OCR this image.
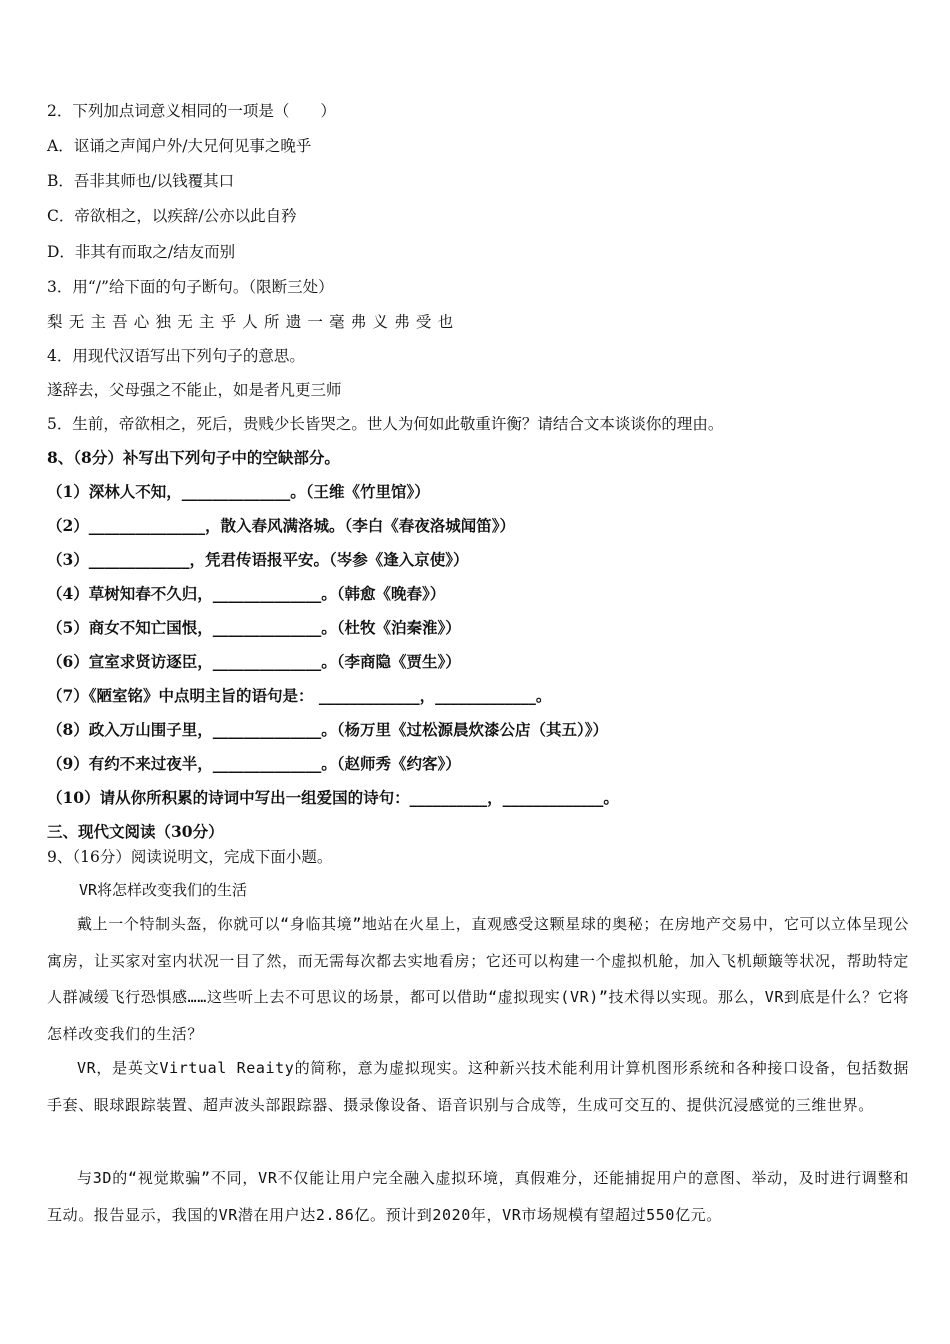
2．下列加点词意义相同的一项是（　　）
A．讴诵之声闻户外/大兄何见事之晚乎
B．吾非其师也/以钱覆其口
C．帝欲相之，以疾辞/公亦以此自矜
D．非其有而取之/结友而别
3．用“/”给下面的句子断句。（限断三处）
梨无主吾心独无主乎人所遗一毫弗义弗受也
4．用现代汉语写出下列句子的意思。
遂辞去，父母强之不能止，如是者凡更三师
5．生前，帝欲相之，死后，贵贱少长皆哭之。世人为何如此敬重许衡？请结合文本谈谈你的理由。
8、（8分）补写出下列句子中的空缺部分。
（1）深林人不知，______________。（王维《竹里馆》）
（2）_______________，散入春风满洛城。（李白《春夜洛城闻笛》）
（3）_____________，凭君传语报平安。（岑参《逢入京使》）
（4）草树知春不久归，______________。（韩愈《晚春》）
（5）商女不知亡国恨，______________。（杜牧《泊秦淮》）
（6）宣室求贤访逐臣，______________。（李商隐《贾生》）
（7）《陋室铭》中点明主旨的语句是： _____________，_____________。
（8）政入万山围子里，______________。（杨万里《过松源晨炊漆公店（其五）》）
（9）有约不来过夜半，______________。（赵师秀《约客》）
（10）请从你所积累的诗词中写出一组爱国的诗句：__________，_____________。
三、现代文阅读（30分）
9、（16分）阅读说明文，完成下面小题。
VR将怎样改变我们的生活
戴上一个特制头盔，你就可以“身临其境”地站在火星上，直观感受这颗星球的奥秘；在房地产交易中，它可以立体呈现公寓房，让买家对室内状况一目了然，而无需每次都去实地看房；它还可以构建一个虚拟机舱，加入飞机颠簸等状况，帮助特定人群减缓飞行恐惧感……这些听上去不可思议的场景，都可以借助“虚拟现实(VR)”技术得以实现。那么，VR到底是什么？它将怎样改变我们的生活？
VR，是英文Virtual Reaity的简称，意为虚拟现实。这种新兴技术能利用计算机图形系统和各种接口设备，包括数据手套、眼球跟踪装置、超声波头部跟踪器、摄录像设备、语音识别与合成等，生成可交互的、提供沉浸感觉的三维世界。
与3D的“视觉欺骗”不同，VR不仅能让用户完全融入虚拟环境，真假难分，还能捕捉用户的意图、举动，及时进行调整和互动。报告显示，我国的VR潜在用户达2.86亿。预计到2020年，VR市场规模有望超过550亿元。
